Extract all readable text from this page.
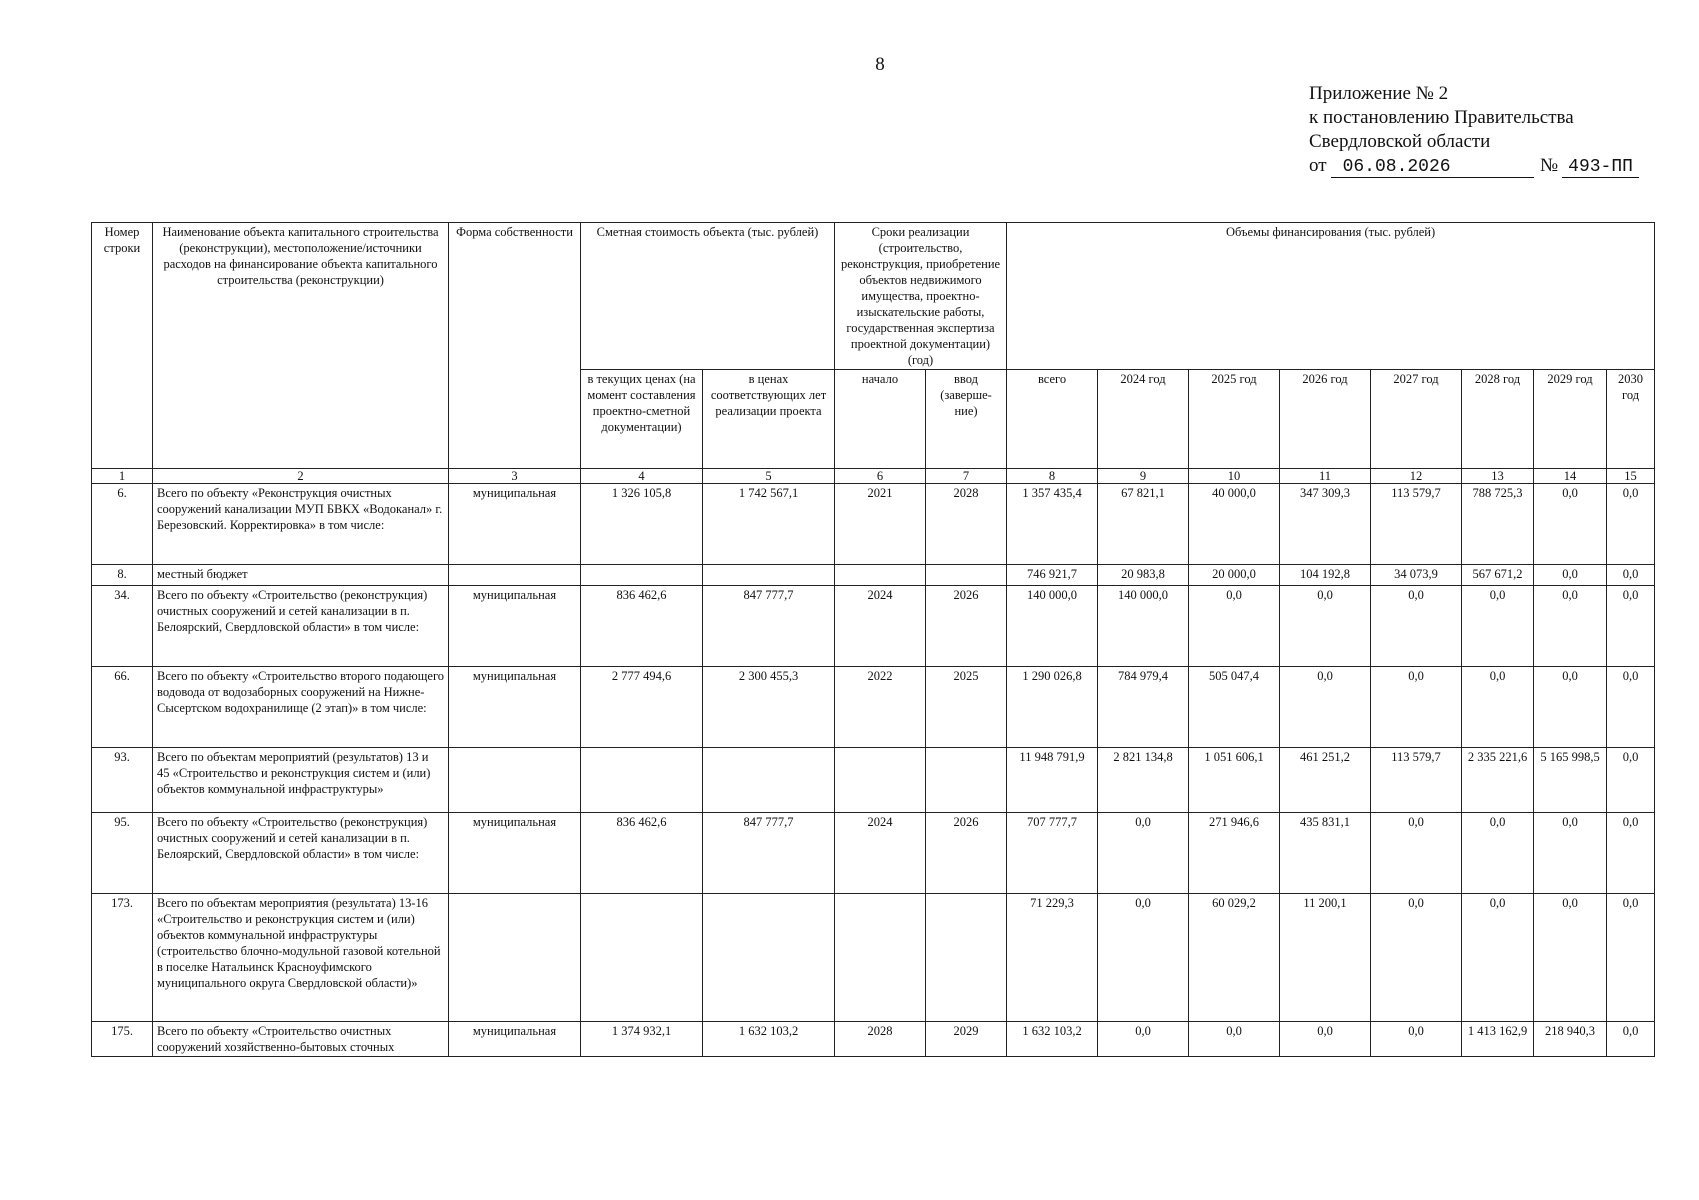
8
Приложение № 2
к постановлению Правительства
Свердловской области
от 06.08.2026	№ 493-ПП
Номер строки	Наименование объекта капитального строительства (реконструкции), местоположение/источники расходов на финансирование объекта капитального строительства (реконструкции)	Форма собственности	Сметная стоимость объекта (тыс. рублей)		Сроки реализации (строительство, реконструкция, приобретение объектов недвижимого имущества, проектно-изыскательские работы, государственная экспертиза проектной документации) (год)		Объемы финансирования (тыс. рублей)							
			в текущих ценах (на момент составления проектно-сметной документации)	в ценах соответствующих лет реализации проекта	начало	ввод (заверше-ние)	всего	2024 год	2025 год	2026 год	2027 год	2028 год	2029 год	2030 год
1	2	3	4	5	6	7	8	9	10	11	12	13	14	15
6.	Всего по объекту «Реконструкция очистных сооружений канализации МУП БВКХ «Водоканал» г. Березовский. Корректировка» в том числе:	муниципальная	1 326 105,8	1 742 567,1	2021	2028	1 357 435,4	67 821,1	40 000,0	347 309,3	113 579,7	788 725,3	0,0	0,0
8.	местный бюджет						746 921,7	20 983,8	20 000,0	104 192,8	34 073,9	567 671,2	0,0	0,0
34.	Всего по объекту «Строительство (реконструкция) очистных сооружений и сетей канализации в п. Белоярский, Свердловской области» в том числе:	муниципальная	836 462,6	847 777,7	2024	2026	140 000,0	140 000,0	0,0	0,0	0,0	0,0	0,0	0,0
66.	Всего по объекту «Строительство второго подающего водовода от водозаборных сооружений на Нижне-Сысертском водохранилище (2 этап)» в том числе:	муниципальная	2 777 494,6	2 300 455,3	2022	2025	1 290 026,8	784 979,4	505 047,4	0,0	0,0	0,0	0,0	0,0
93.	Всего по объектам мероприятий (результатов) 13 и 45 «Строительство и реконструкция систем и (или) объектов коммунальной инфраструктуры»						11 948 791,9	2 821 134,8	1 051 606,1	461 251,2	113 579,7	2 335 221,6	5 165 998,5	0,0
95.	Всего по объекту «Строительство (реконструкция) очистных сооружений и сетей канализации в п. Белоярский, Свердловской области» в том числе:	муниципальная	836 462,6	847 777,7	2024	2026	707 777,7	0,0	271 946,6	435 831,1	0,0	0,0	0,0	0,0
173.	Всего по объектам мероприятия (результата) 13-16 «Строительство и реконструкция систем и (или) объектов коммунальной инфраструктуры (строительство блочно-модульной газовой котельной в поселке Натальинск Красноуфимского муниципального округа Свердловской области)»						71 229,3	0,0	60 029,2	11 200,1	0,0	0,0	0,0	0,0
175.	Всего по объекту «Строительство очистных сооружений хозяйственно-бытовых сточных	муниципальная	1 374 932,1	1 632 103,2	2028	2029	1 632 103,2	0,0	0,0	0,0	0,0	1 413 162,9	218 940,3	0,0
